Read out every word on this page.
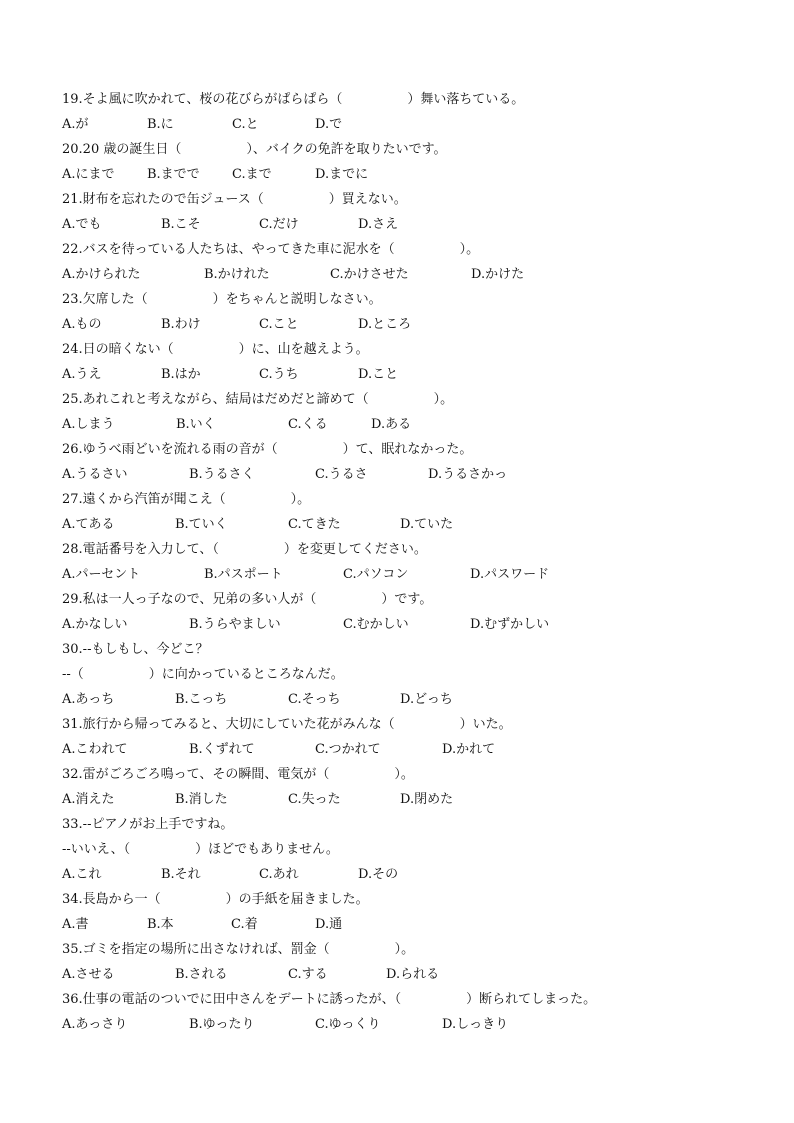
19.そよ風に吹かれて、桜の花びらがぱらぱら（　　　　　）舞い落ちている。
A.が	B.に	C.と	D.で
20.20 歳の誕生日（　　　　　）、バイクの免許を取りたいです。
A.にまで B.までで C.まで	D.までに
21.財布を忘れたので缶ジュース（　　　　　）買えない。
A.でも	B.こそ	C.だけ	D.さえ
22.バスを待っている人たちは、やってきた車に泥水を（　　　　　）。
A.かけられた	B.かけれた	C.かけさせた	D.かけた
23.欠席した（　　　　　）をちゃんと説明しなさい。
A.もの	B.わけ	C.こと	D.ところ
24.日の暗くない（　　　　　）に、山を越えよう。
A.うえ	B.はか	C.うち	D.こと
25.あれこれと考えながら、結局はだめだと諦めて（　　　　　）。
A.しまう	B.いく	C.くる	D.ある
26.ゆうべ雨どいを流れる雨の音が（　　　　　）て、眠れなかった。
A.うるさい	B.うるさく	C.うるさ	D.うるさかっ
27.遠くから汽笛が聞こえ（　　　　　）。
A.てある	B.ていく	C.てきた	D.ていた
28.電話番号を入力して、（　　　　　）を変更してください。
A.パーセント	B.パスポート	C.パソコン	D.パスワード
29.私は一人っ子なので、兄弟の多い人が（　　　　　）です。
A.かなしい	B.うらやましい	C.むかしい	D.むずかしい
30.--もしもし、今どこ？
--（　　　　　）に向かっているところなんだ。
A.あっち	B.こっち	C.そっち	D.どっち
31.旅行から帰ってみると、大切にしていた花がみんな（　　　　　）いた。
A.こわれて	B.くずれて	C.つかれて	D.かれて
32.雷がごろごろ鳴って、その瞬間、電気が（　　　　　）。
A.消えた	B.消した	C.失った	D.閉めた
33.--ピアノがお上手ですね。
--いいえ、（　　　　　）ほどでもありません。
A.これ	B.それ	C.あれ	D.その
34.長島から一（　　　　　）の手紙を届きました。
A.書	B.本	C.着	D.通
35.ゴミを指定の場所に出さなければ、罰金（　　　　　）。
A.させる	B.される	C.する	D.られる
36.仕事の電話のついでに田中さんをデートに誘ったが、（　　　　　）断られてしまった。
A.あっさり	B.ゆったり	C.ゆっくり	D.しっきり
